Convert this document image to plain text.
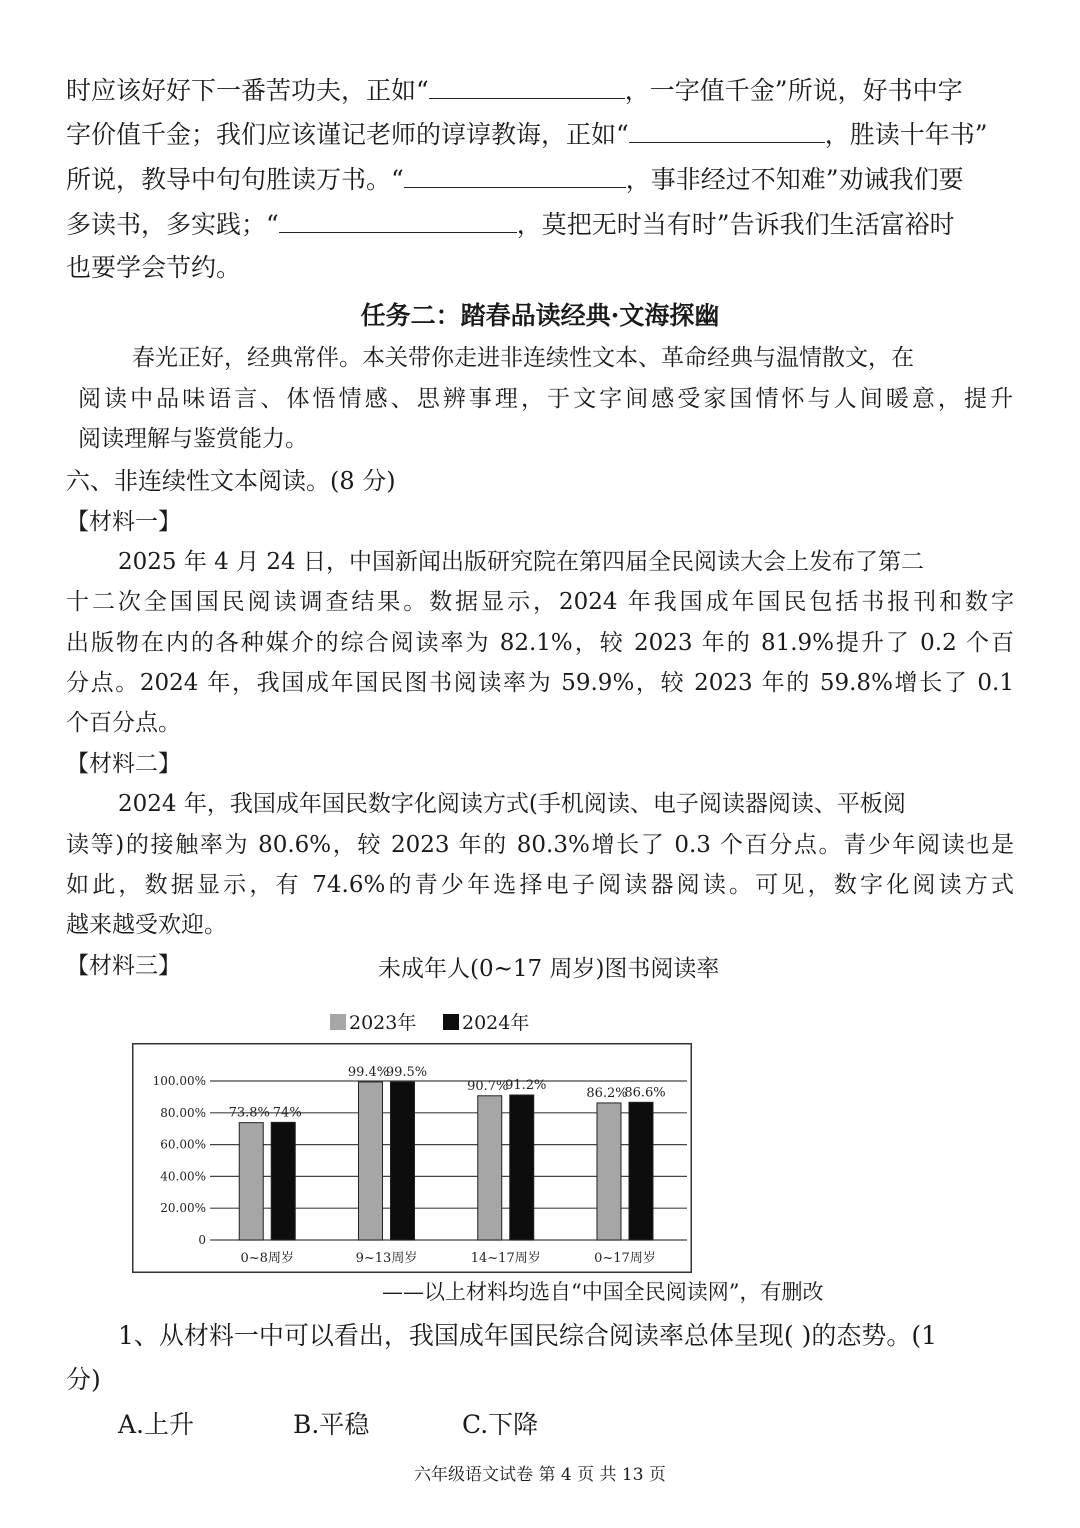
时应该好好下一番苦功夫，正如“	，一字值千金”所说，好书中字
字价值千金；我们应该谨记老师的谆谆教诲，正如“	，胜读十年书”
所说，教导中句句胜读万书。“	，事非经过不知难”劝诫我们要
多读书，多实践；“	，莫把无时当有时”告诉我们生活富裕时
也要学会节约。
任务二：踏春品读经典·文海探幽
春光正好，经典常伴。本关带你走进非连续性文本、革命经典与温情散文，在
阅读中品味语言、体悟情感、思辨事理，于文字间感受家国情怀与人间暖意，提升
阅读理解与鉴赏能力。
六、非连续性文本阅读。(8 分)
【材料一】
2025 年 4 月 24 日，中国新闻出版研究院在第四届全民阅读大会上发布了第二
十二次全国国民阅读调查结果。数据显示，2024 年我国成年国民包括书报刊和数字
出版物在内的各种媒介的综合阅读率为 82.1%，较 2023 年的 81.9%提升了 0.2 个百
分点。2024 年，我国成年国民图书阅读率为 59.9%，较 2023 年的 59.8%增长了 0.1
个百分点。
【材料二】
2024 年，我国成年国民数字化阅读方式(手机阅读、电子阅读器阅读、平板阅
读等)的接触率为 80.6%，较 2023 年的 80.3%增长了 0.3 个百分点。青少年阅读也是
如此，数据显示，有 74.6%的青少年选择电子阅读器阅读。可见，数字化阅读方式
越来越受欢迎。
【材料三】	未成年人(0~17 周岁)图书阅读率
2023年 2024年
0
20.00%
40.00%
60.00%
80.00%
100.00%
73.8% 74%
99.4%
99.5%
90.7%
91.2%
86.2%
86.6%
0~8周岁	9~13周岁	14~17周岁	0~17周岁
——以上材料均选自“中国全民阅读网”，有删改
1、从材料一中可以看出，我国成年国民综合阅读率总体呈现( )的态势。(1
分)
A.上升	B.平稳	C.下降
六年级语文试卷 第 4 页 共 13 页
